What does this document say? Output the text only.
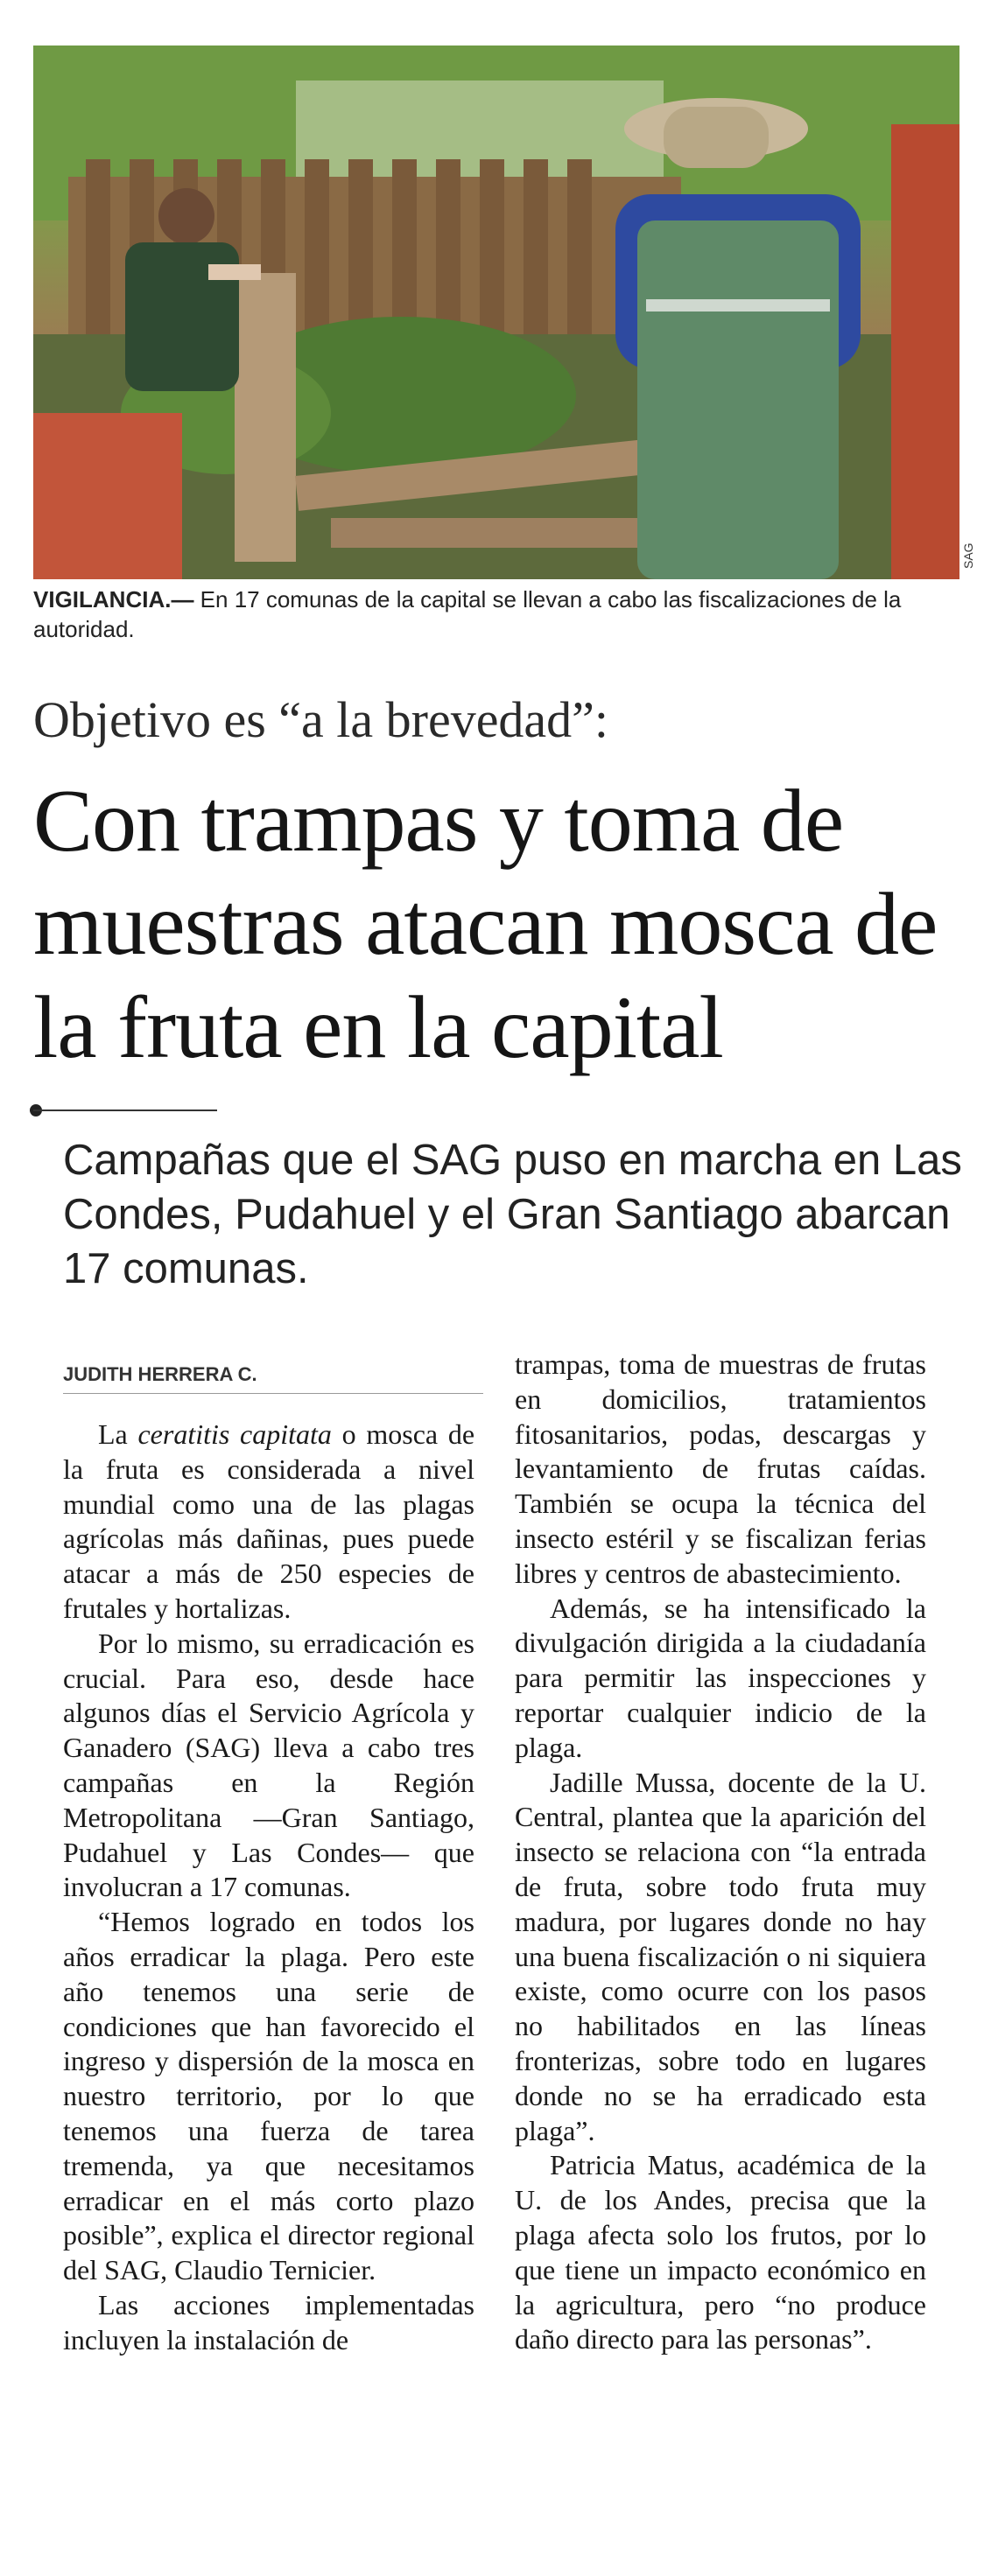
SAG
VIGILANCIA.— En 17 comunas de la capital se llevan a cabo las fiscalizaciones de la autoridad.
Objetivo es “a la brevedad”:
Con trampas y toma de muestras atacan mosca de la fruta en la capital
Campañas que el SAG puso en marcha en Las Condes, Pudahuel y el Gran Santiago abarcan 17 comunas.
JUDITH HERRERA C.

La ceratitis capitata o mosca de la fruta es considerada a nivel mundial como una de las plagas agrícolas más dañinas, pues puede atacar a más de 250 especies de frutales y hortalizas.

Por lo mismo, su erradicación es crucial. Para eso, desde hace algunos días el Servicio Agrícola y Ganadero (SAG) lleva a cabo tres campañas en la Región Metropolitana —Gran Santiago, Pudahuel y Las Condes— que involucran a 17 comunas.

“Hemos logrado en todos los años erradicar la plaga. Pero este año tenemos una serie de condiciones que han favorecido el ingreso y dispersión de la mosca en nuestro territorio, por lo que tenemos una fuerza de tarea tremenda, ya que necesitamos erradicar en el más corto plazo posible”, explica el director regional del SAG, Claudio Ternicier.

Las acciones implementadas incluyen la instalación de

trampas, toma de muestras de frutas en domicilios, tratamientos fitosanitarios, podas, descargas y levantamiento de frutas caídas. También se ocupa la técnica del insecto estéril y se fiscalizan ferias libres y centros de abastecimiento.

Además, se ha intensificado la divulgación dirigida a la ciudadanía para permitir las inspecciones y reportar cualquier indicio de la plaga.

Jadille Mussa, docente de la U. Central, plantea que la aparición del insecto se relaciona con “la entrada de fruta, sobre todo fruta muy madura, por lugares donde no hay una buena fiscalización o ni siquiera existe, como ocurre con los pasos no habilitados en las líneas fronterizas, sobre todo en lugares donde no se ha erradicado esta plaga”.

Patricia Matus, académica de la U. de los Andes, precisa que la plaga afecta solo los frutos, por lo que tiene un impacto económico en la agricultura, pero “no produce daño directo para las personas”.
